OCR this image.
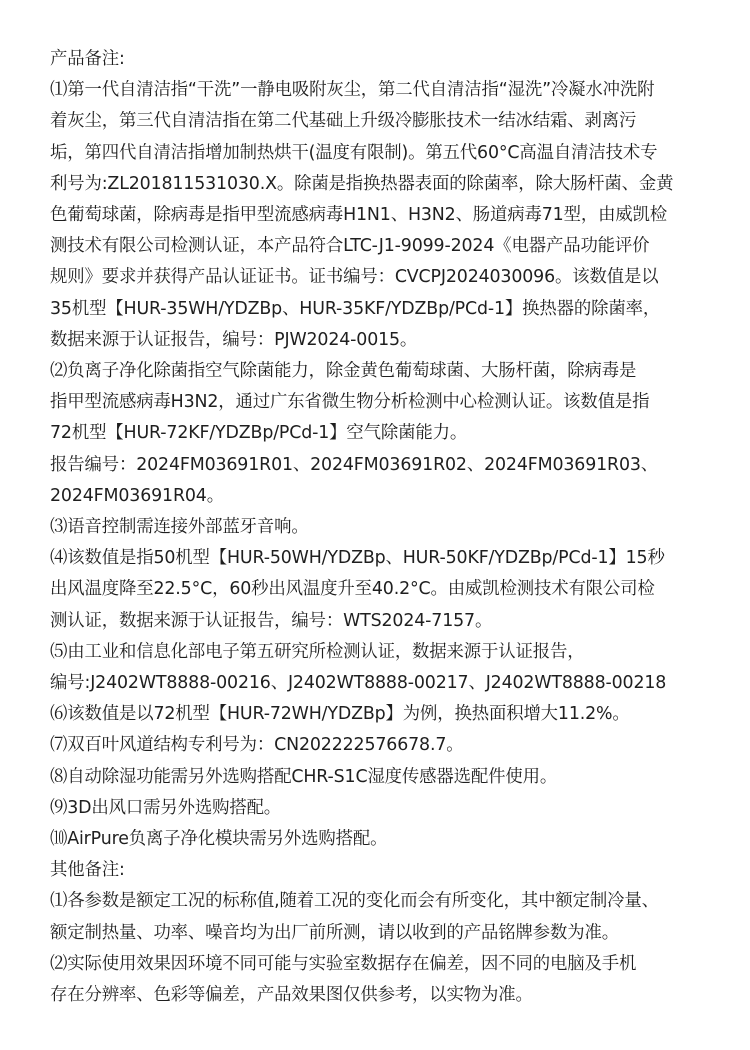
产品备注:
⑴第一代自清洁指“干洗”一静电吸附灰尘，第二代自清洁指“湿洗”冷凝水冲洗附
着灰尘，第三代自清洁指在第二代基础上升级冷膨胀技术一结冰结霜、剥离污
垢，第四代自清洁指增加制热烘干(温度有限制)。第五代60°C高温自清洁技术专
利号为:ZL201811531030.X。除菌是指换热器表面的除菌率，除大肠杆菌、金黄
色葡萄球菌，除病毒是指甲型流感病毒H1N1、H3N2、肠道病毒71型，由威凯检
测技术有限公司检测认证，本产品符合LTC-J1-9099-2024《电器产品功能评价
规则》要求并获得产品认证证书。证书编号：CVCPJ2024030096。该数值是以
35机型【HUR-35WH/YDZBp、HUR-35KF/YDZBp/PCd-1】换热器的除菌率，
数据来源于认证报告，编号：PJW2024-0015。
⑵负离子净化除菌指空气除菌能力，除金黄色葡萄球菌、大肠杆菌，除病毒是
指甲型流感病毒H3N2，通过广东省微生物分析检测中心检测认证。该数值是指
72机型【HUR-72KF/YDZBp/PCd-1】空气除菌能力。
报告编号：2024FM03691R01、2024FM03691R02、2024FM03691R03、
2024FM03691R04。
⑶语音控制需连接外部蓝牙音响。
⑷该数值是指50机型【HUR-50WH/YDZBp、HUR-50KF/YDZBp/PCd-1】15秒
出风温度降至22.5°C，60秒出风温度升至40.2°C。由威凯检测技术有限公司检
测认证，数据来源于认证报告，编号：WTS2024-7157。
⑸由工业和信息化部电子第五研究所检测认证，数据来源于认证报告，
编号:J2402WT8888-00216、J2402WT8888-00217、J2402WT8888-00218
⑹该数值是以72机型【HUR-72WH/YDZBp】为例，换热面积增大11.2%。
⑺双百叶风道结构专利号为：CN202222576678.7。
⑻自动除湿功能需另外选购搭配CHR-S1C湿度传感器选配件使用。
⑼3D出风口需另外选购搭配。
⑽AirPure负离子净化模块需另外选购搭配。
其他备注:
⑴各参数是额定工况的标称值,随着工况的变化而会有所变化，其中额定制冷量、
额定制热量、功率、噪音均为出厂前所测，请以收到的产品铭牌参数为准。
⑵实际使用效果因环境不同可能与实验室数据存在偏差，因不同的电脑及手机
存在分辨率、色彩等偏差，产品效果图仅供参考，以实物为准。
